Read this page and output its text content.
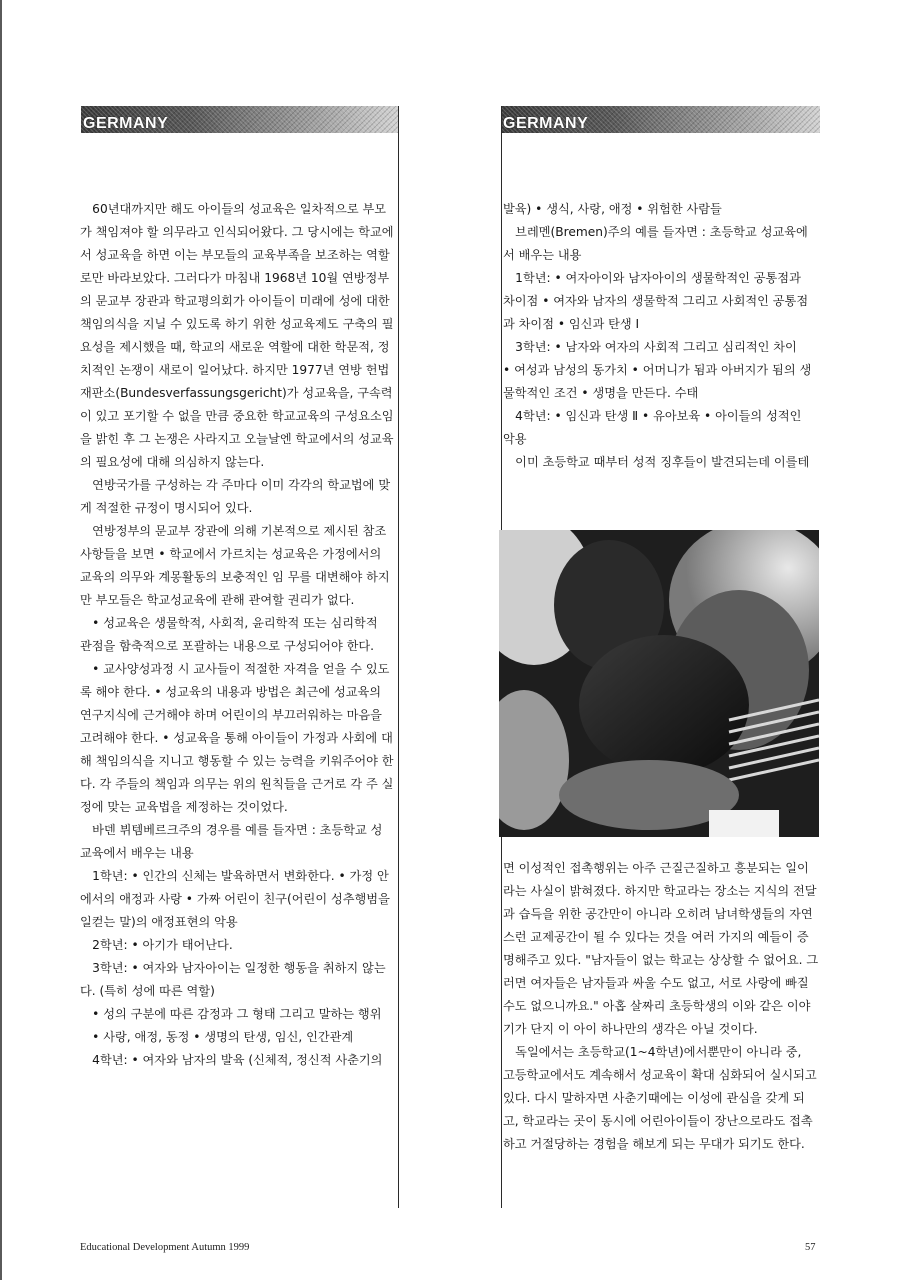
GERMANY	GERMANY
　60년대까지만 해도 아이들의 성교육은 일차적으로 부모
가 책임져야 할 의무라고 인식되어왔다. 그 당시에는 학교에
서 성교육을 하면 이는 부모들의 교육부족을 보조하는 역할
로만 바라보았다. 그러다가 마침내 1968년 10월 연방정부
의 문교부 장관과 학교평의회가 아이들이 미래에 성에 대한
책임의식을 지닐 수 있도록 하기 위한 성교육제도 구축의 필
요성을 제시했을 때, 학교의 새로운 역할에 대한 학문적, 정
치적인 논쟁이 새로이 일어났다. 하지만 1977년 연방 헌법
재판소(Bundesverfassungsgericht)가 성교육을, 구속력
이 있고 포기할 수 없을 만큼 중요한 학교교육의 구성요소임
을 밝힌 후 그 논쟁은 사라지고 오늘날엔 학교에서의 성교육
의 필요성에 대해 의심하지 않는다.
　연방국가를 구성하는 각 주마다 이미 각각의 학교법에 맞
게 적절한 규정이 명시되어 있다.
　연방정부의 문교부 장관에 의해 기본적으로 제시된 참조
사항들을 보면 • 학교에서 가르치는 성교육은 가정에서의
교육의 의무와 계몽활동의 보충적인 임 무를 대변해야 하지
만 부모들은 학교성교육에 관해 관여할 권리가 없다.
　• 성교육은 생물학적, 사회적, 윤리학적 또는 심리학적
관점을 함축적으로 포괄하는 내용으로 구성되어야 한다.
　• 교사양성과정 시 교사들이 적절한 자격을 얻을 수 있도
록 해야 한다. • 성교육의 내용과 방법은 최근에 성교육의
연구지식에 근거해야 하며 어린이의 부끄러워하는 마음을
고려해야 한다. • 성교육을 통해 아이들이 가정과 사회에 대
해 책임의식을 지니고 행동할 수 있는 능력을 키워주어야 한
다. 각 주들의 책임과 의무는 위의 원칙들을 근거로 각 주 실
정에 맞는 교육법을 제정하는 것이었다.
　바덴 뷔템베르크주의 경우를 예를 들자면 : 초등학교 성
교육에서 배우는 내용
　1학년: • 인간의 신체는 발육하면서 변화한다. • 가정 안
에서의 애정과 사랑 • 가짜 어린이 친구(어린이 성추행범을
일컫는 말)의 애정표현의 악용
　2학년: • 아기가 태어난다.
　3학년: • 여자와 남자아이는 일정한 행동을 취하지 않는
다. (특히 성에 따른 역할)
　• 성의 구분에 따른 감정과 그 형태 그리고 말하는 행위
　• 사랑, 애정, 동정 • 생명의 탄생, 임신, 인간관계
　4학년: • 여자와 남자의 발육 (신체적, 정신적 사춘기의
발육) • 생식, 사랑, 애정 • 위험한 사람들
　브레멘(Bremen)주의 예를 들자면 : 초등학교 성교육에
서 배우는 내용
　1학년: • 여자아이와 남자아이의 생물학적인 공통점과
차이점 • 여자와 남자의 생물학적 그리고 사회적인 공통점
과 차이점 • 임신과 탄생 Ⅰ
　3학년: • 남자와 여자의 사회적 그리고 심리적인 차이
• 여성과 남성의 동가치 • 어머니가 됨과 아버지가 됨의 생
물학적인 조건 • 생명을 만든다. 수태
　4학년: • 임신과 탄생 Ⅱ • 유아보육 • 아이들의 성적인
악용
　이미 초등학교 때부터 성적 징후들이 발견되는데 이를테
면 이성적인 접촉행위는 아주 근질근질하고 흥분되는 일이
라는 사실이 밝혀졌다. 하지만 학교라는 장소는 지식의 전달
과 습득을 위한 공간만이 아니라 오히려 남녀학생들의 자연
스런 교제공간이 될 수 있다는 것을 여러 가지의 예들이 증
명해주고 있다. "남자들이 없는 학교는 상상할 수 없어요. 그
러면 여자들은 남자들과 싸울 수도 없고, 서로 사랑에 빠질
수도 없으니까요." 아홉 살짜리 초등학생의 이와 같은 이야
기가 단지 이 아이 하나만의 생각은 아닐 것이다.
　독일에서는 초등학교(1~4학년)에서뿐만이 아니라 중,
고등학교에서도 계속해서 성교육이 확대 심화되어 실시되고
있다. 다시 말하자면 사춘기때에는 이성에 관심을 갖게 되
고, 학교라는 곳이 동시에 어린아이들이 장난으로라도 접촉
하고 거절당하는 경험을 해보게 되는 무대가 되기도 한다.
Educational Development Autumn 1999	57
